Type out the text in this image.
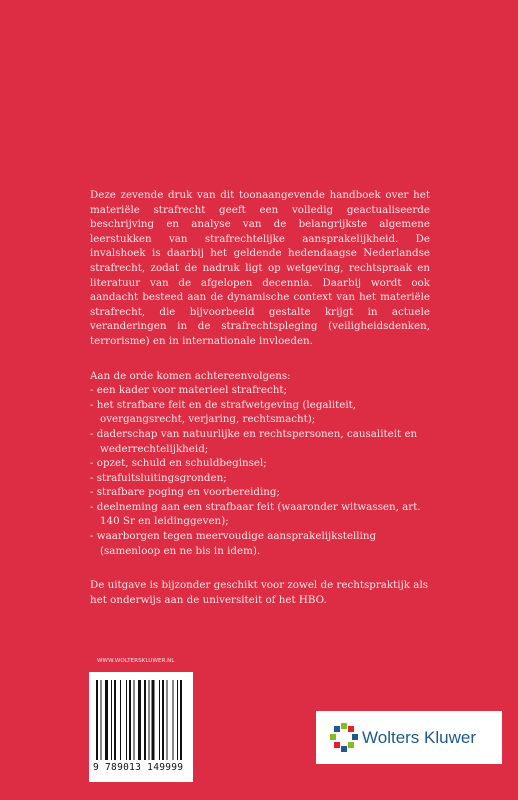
Deze zevende druk van dit toonaangevende handboek over het materiële strafrecht geeft een volledig geactualiseerde beschrijving en analyse van de belangrijkste algemene leerstukken van strafrechtelijke aansprakelijkheid. De invalshoek is daarbij het geldende hedendaagse Nederlandse strafrecht, zodat de nadruk ligt op wetgeving, rechtspraak en literatuur van de afgelopen decennia. Daarbij wordt ook aandacht besteed aan de dynamische context van het materiële strafrecht, die bijvoorbeeld gestalte krijgt in actuele veranderingen in de strafrechtspleging (veiligheidsdenken, terrorisme) en in internationale invloeden.

Aan de orde komen achtereenvolgens:

- een kader voor materieel strafrecht;
- het strafbare feit en de strafwetgeving (legaliteit, overgangsrecht, verjaring, rechtsmacht);
- daderschap van natuurlijke en rechtspersonen, causaliteit en wederrechtelijkheid;
- opzet, schuld en schuldbeginsel;
- strafuitsluitingsgronden;
- strafbare poging en voorbereiding;
- deelneming aan een strafbaar feit (waaronder witwassen, art. 140 Sr en leidinggeven);
- waarborgen tegen meervoudige aansprakelijkstelling (samenloop en ne bis in idem).

De uitgave is bijzonder geschikt voor zowel de rechtspraktijk als het onderwijs aan de universiteit of het HBO.

WWW.WOLTERSKLUWER.NL
9 789013 149999
Wolters Kluwer
